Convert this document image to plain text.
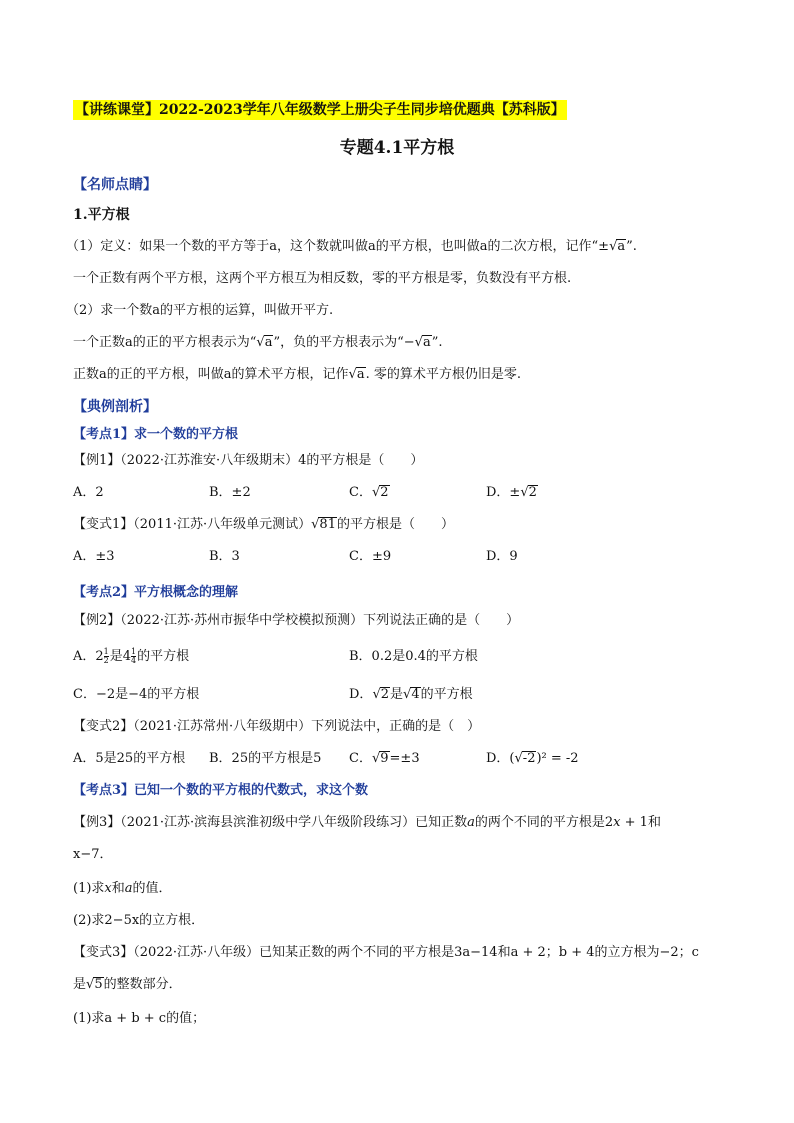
【讲练课堂】2022-2023学年八年级数学上册尖子生同步培优题典【苏科版】
专题4.1平方根
【名师点睛】
1.平方根
（1）定义：如果一个数的平方等于a，这个数就叫做a的平方根，也叫做a的二次方根，记作“±√a”.
一个正数有两个平方根，这两个平方根互为相反数，零的平方根是零，负数没有平方根.
（2）求一个数a的平方根的运算，叫做开平方.
一个正数a的正的平方根表示为“√a”，负的平方根表示为“−√a”.
正数a的正的平方根，叫做a的算术平方根，记作√a. 零的算术平方根仍旧是零.
【典例剖析】
【考点1】求一个数的平方根
【例1】（2022·江苏淮安·八年级期末）4的平方根是（　　）
A．2	B．±2	C．√2	D．±√2
【变式1】（2011·江苏·八年级单元测试）√81的平方根是（　　）
A．±3	B．3	C．±9	D．9
【考点2】平方根概念的理解
【例2】（2022·江苏·苏州市振华中学校模拟预测）下列说法正确的是（　　）
A．$2 \frac{1}{2}$ 是$4 \frac{1}{4}$ 的平方根	B．0.2是0.4的平方根
C．−2是−4的平方根	D．√2是√4的平方根
【变式2】（2021·江苏常州·八年级期中）下列说法中，正确的是（　）
A．5是25的平方根 B．25的平方根是5 C．√9=±3	D．(√-2)² = -2
【考点3】已知一个数的平方根的代数式，求这个数
【例3】（2021·江苏·滨海县滨淮初级中学八年级阶段练习）已知正数a的两个不同的平方根是2x + 1和
x−7．
(1)求x和a的值．
(2)求2−5x的立方根．
【变式3】（2022·江苏·八年级）已知某正数的两个不同的平方根是3a−14和a + 2；b + 4的立方根为−2；c
是√5的整数部分．
(1)求a + b + c的值；
